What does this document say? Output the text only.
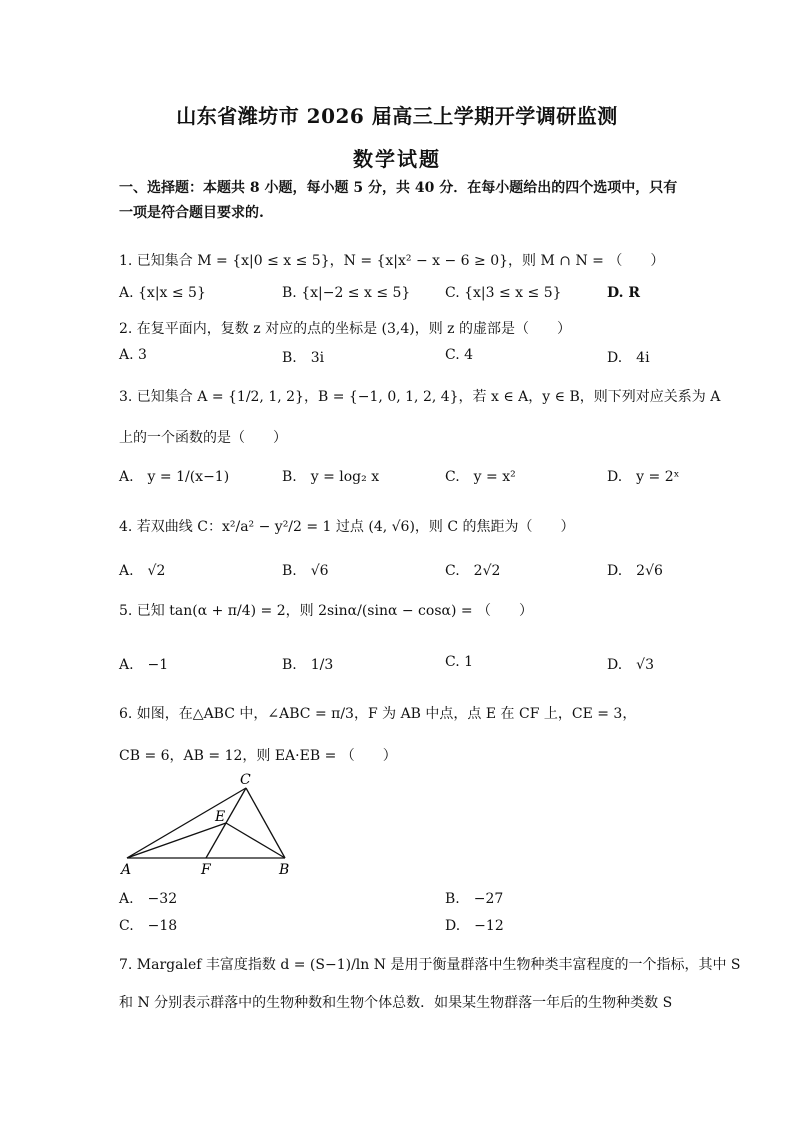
山东省潍坊市 2026 届高三上学期开学调研监测
数学试题
一、选择题：本题共 8 小题，每小题 5 分，共 40 分．在每小题给出的四个选项中，只有
一项是符合题目要求的.
1. 已知集合 M = {x|0 ≤ x ≤ 5}，N = {x|x² − x − 6 ≥ 0}，则 M ∩ N = （　　）
A. {x|x ≤ 5}	B. {x|−2 ≤ x ≤ 5} C. {x|3 ≤ x ≤ 5}	D. R
2. 在复平面内，复数 z 对应的点的坐标是 (3,4)，则 z 的虚部是（　　）
A. 3	B.　3i	C. 4	D.　4i
3. 已知集合 A = {1/2, 1, 2}，B = {−1, 0, 1, 2, 4}，若 x ∈ A，y ∈ B，则下列对应关系为 A
上的一个函数的是（　　）
A.　y = 1/(x−1)	B.　y = log₂ x	C.　y = x²	D.　y = 2ˣ
4. 若双曲线 C：x²/a² − y²/2 = 1 过点 (4, √6)，则 C 的焦距为（　　）
A.　√2	B.　√6	C.　2√2	D.　2√6
5. 已知 tan(α + π/4) = 2，则 2sinα/(sinα − cosα) = （　　）
A.　−1	B.　1/3	C. 1	D.　√3
6. 如图，在△ABC 中，∠ABC = π/3，F 为 AB 中点，点 E 在 CF 上，CE = 3，
CB = 6，AB = 12，则 EA·EB = （　　）
C
E
A	F	B
A.　−32	B.　−27
C.　−18	D.　−12
7. Margalef 丰富度指数 d = (S−1)/ln N 是用于衡量群落中生物种类丰富程度的一个指标，其中 S
和 N 分别表示群落中的生物种数和生物个体总数．如果某生物群落一年后的生物种类数 S
